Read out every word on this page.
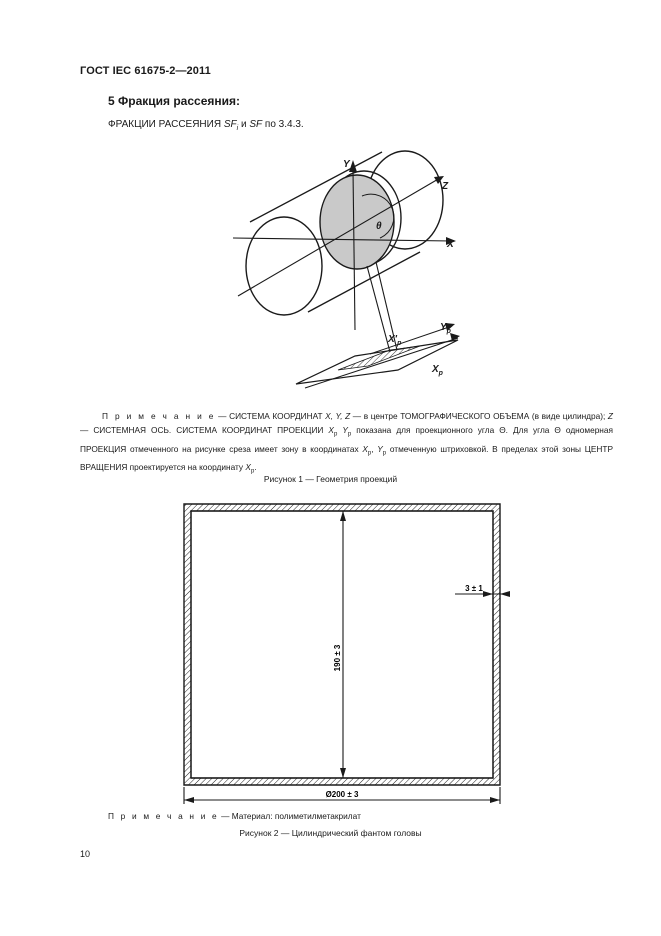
ГОСТ IEC 61675-2—2011
5 Фракция рассеяния:
ФРАКЦИИ РАССЕЯНИЯ $SF_i$ и SF по 3.4.3.
Y
Z
X
θ
$X'_p$
$Y_p$
$X_p$
П р и м е ч а н и е — СИСТЕМА КООРДИНАТ X, Y, Z — в центре ТОМОГРАФИЧЕСКОГО ОБЪЕМА (в виде цилиндра); Z — СИСТЕМНАЯ ОСЬ. СИСТЕМА КООРДИНАТ ПРОЕКЦИИ $X_p$ $Y_p$ показана для проекционного угла Θ. Для угла Θ одномерная ПРОЕКЦИЯ отмеченного на рисунке среза имеет зону в координатах $X_p$, $Y_p$ отмеченную штриховкой. В пределах этой зоны ЦЕНТР ВРАЩЕНИЯ проектируется на координату $X_p$.
Рисунок 1 — Геометрия проекций
190 ± 3
3 ± 1
Ø200 ± 3
П р и м е ч а н и е — Материал: полиметилметакрилат
Рисунок 2 — Цилиндрический фантом головы
10
